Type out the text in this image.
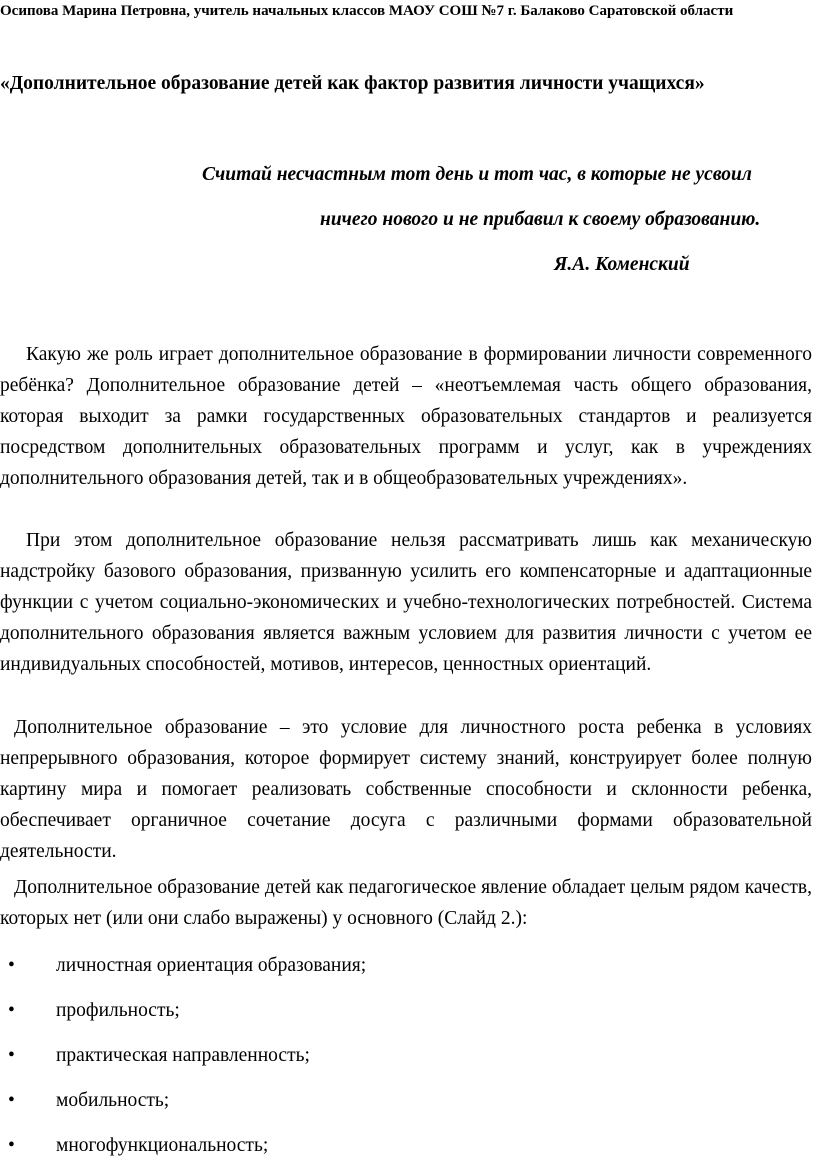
Осипова Марина Петровна, учитель начальных классов МАОУ СОШ №7 г. Балаково Саратовской области
«Дополнительное образование детей как фактор развития личности учащихся»
Считай несчастным тот день и тот час, в которые не усвоил
ничего нового и не прибавил к своему образованию.
Я.А. Коменский

Какую же роль играет дополнительное образование в формировании личности современного ребёнка? Дополнительное образование детей – «неотъемлемая часть общего образования, которая выходит за рамки государственных образовательных стандартов и реализуется посредством дополнительных образовательных программ и услуг, как в учреждениях дополнительного образования детей, так и в общеобразовательных учреждениях».

При этом дополнительное образование нельзя рассматривать лишь как механическую надстройку базового образования, призванную усилить его компенсаторные и адаптационные функции с учетом социально-экономических и учебно-технологических потребностей. Система дополнительного образования является важным условием для развития личности с учетом ее индивидуальных способностей, мотивов, интересов, ценностных ориентаций.

Дополнительное образование – это условие для личностного роста ребенка в условиях непрерывного образования, которое формирует систему знаний, конструирует более полную картину мира и помогает реализовать собственные способности и склонности ребенка, обеспечивает органичное сочетание досуга с различными формами образовательной деятельности.

Дополнительное образование детей как педагогическое явление обладает целым рядом качеств, которых нет (или они слабо выражены) у основного (Слайд 2.):

• личностная ориентация образования;
• профильность;
• практическая направленность;
• мобильность;
• многофункциональность;
